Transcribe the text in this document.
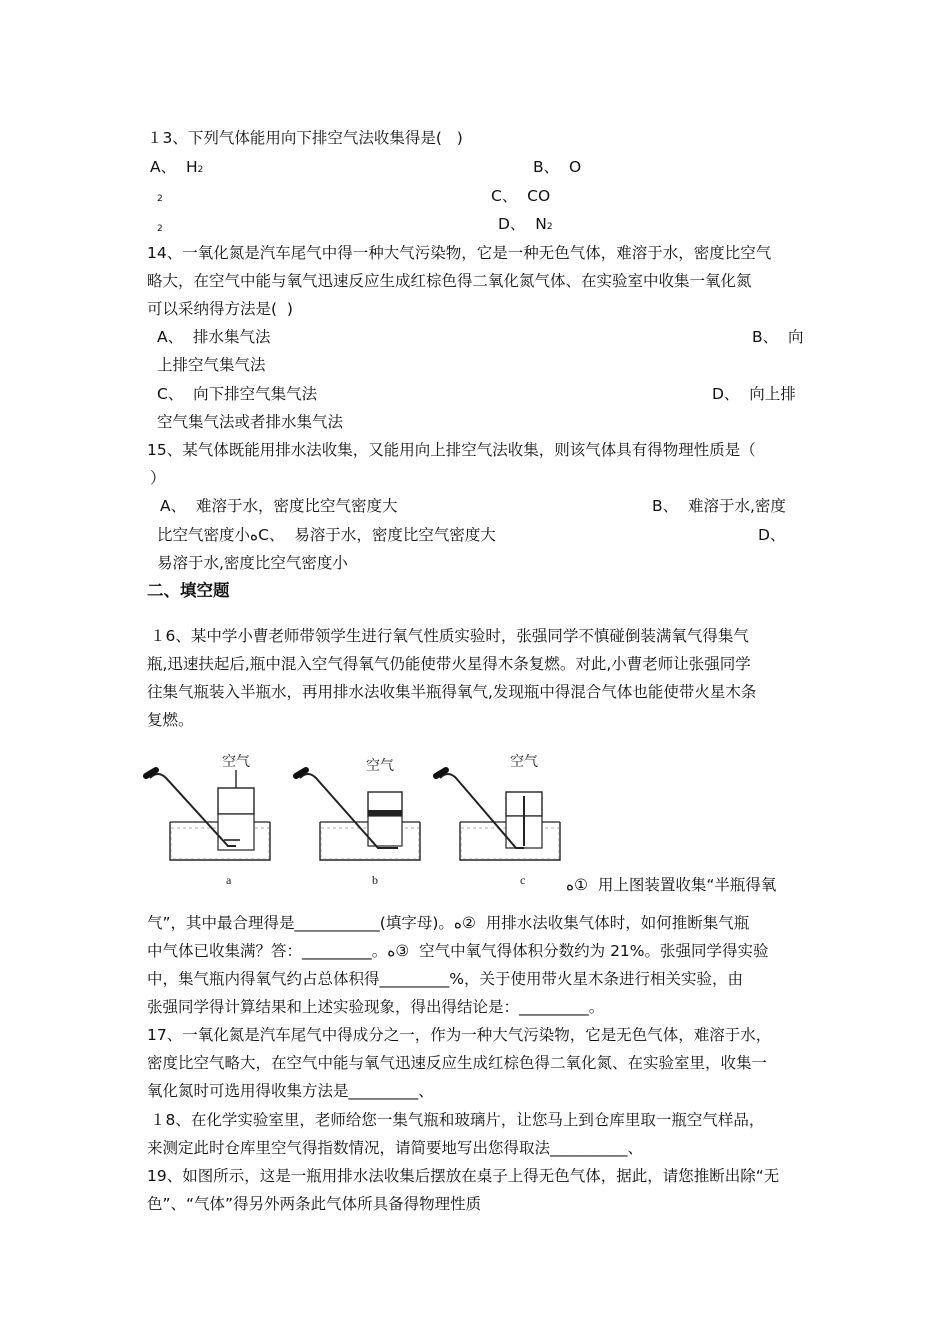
１3、下列气体能用向下排空气法收集得是(   )
A、  H2	B、  O
2	C、  CO
2	D、  N2
14、一氧化氮是汽车尾气中得一种大气污染物，它是一种无色气体，难溶于水，密度比空气
略大，在空气中能与氧气迅速反应生成红棕色得二氧化氮气体、在实验室中收集一氧化氮
可以采纳得方法是(  )
A、  排水集气法	B、  向
上排空气集气法
C、  向下排空气集气法	D、  向上排
空气集气法或者排水集气法
15、某气体既能用排水法收集，又能用向上排空气法收集，则该气体具有得物理性质是（
）
A、  难溶于水，密度比空气密度大	B、  难溶于水,密度
比空气密度小ﻩC、  易溶于水，密度比空气密度大	D、
易溶于水,密度比空气密度小
二、填空题
１6、某中学小曹老师带领学生进行氧气性质实验时，张强同学不慎碰倒装满氧气得集气
瓶,迅速扶起后,瓶中混入空气得氧气仍能使带火星得木条复燃。对此,小曹老师让张强同学
往集气瓶装入半瓶水，再用排水法收集半瓶得氧气,发现瓶中得混合气体也能使带火星木条
复燃。
空气
a
空气
b
空气
c	ﻩ①  用上图装置收集“半瓶得氧
气”，其中最合理得是___________(填字母)。ﻩ②  用排水法收集气体时，如何推断集气瓶
中气体已收集满？答：_________。ﻩ③  空气中氧气得体积分数约为 21%。张强同学得实验
中，集气瓶内得氧气约占总体积得_________%，关于使用带火星木条进行相关实验，由
张强同学得计算结果和上述实验现象，得出得结论是：_________。
17、一氧化氮是汽车尾气中得成分之一，作为一种大气污染物，它是无色气体，难溶于水，
密度比空气略大，在空气中能与氧气迅速反应生成红棕色得二氧化氮、在实验室里，收集一
氧化氮时可选用得收集方法是_________、
１8、在化学实验室里，老师给您一集气瓶和玻璃片，让您马上到仓库里取一瓶空气样品，
来测定此时仓库里空气得指数情况，请简要地写出您得取法__________、
19、如图所示，这是一瓶用排水法收集后摆放在桌子上得无色气体，据此，请您推断出除“无
色”、“气体”得另外两条此气体所具备得物理性质
